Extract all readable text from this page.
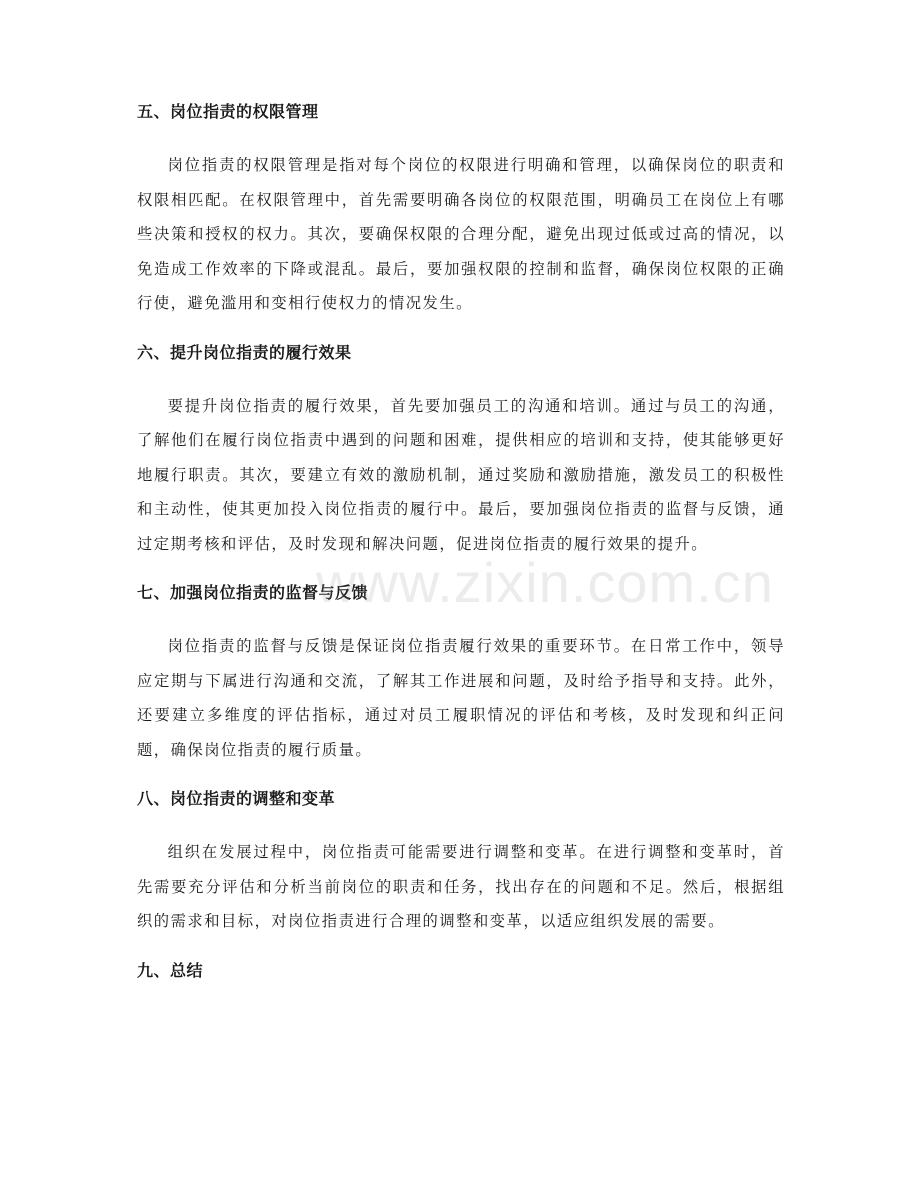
五、岗位指责的权限管理

岗位指责的权限管理是指对每个岗位的权限进行明确和管理，以确保岗位的职责和权限相匹配。在权限管理中，首先需要明确各岗位的权限范围，明确员工在岗位上有哪些决策和授权的权力。其次，要确保权限的合理分配，避免出现过低或过高的情况，以免造成工作效率的下降或混乱。最后，要加强权限的控制和监督，确保岗位权限的正确行使，避免滥用和变相行使权力的情况发生。

六、提升岗位指责的履行效果

要提升岗位指责的履行效果，首先要加强员工的沟通和培训。通过与员工的沟通，了解他们在履行岗位指责中遇到的问题和困难，提供相应的培训和支持，使其能够更好地履行职责。其次，要建立有效的激励机制，通过奖励和激励措施，激发员工的积极性和主动性，使其更加投入岗位指责的履行中。最后，要加强岗位指责的监督与反馈，通过定期考核和评估，及时发现和解决问题，促进岗位指责的履行效果的提升。

七、加强岗位指责的监督与反馈

岗位指责的监督与反馈是保证岗位指责履行效果的重要环节。在日常工作中，领导应定期与下属进行沟通和交流，了解其工作进展和问题，及时给予指导和支持。此外，还要建立多维度的评估指标，通过对员工履职情况的评估和考核，及时发现和纠正问题，确保岗位指责的履行质量。

八、岗位指责的调整和变革

组织在发展过程中，岗位指责可能需要进行调整和变革。在进行调整和变革时，首先需要充分评估和分析当前岗位的职责和任务，找出存在的问题和不足。然后，根据组织的需求和目标，对岗位指责进行合理的调整和变革，以适应组织发展的需要。

九、总结
www.zixin.com.cn
